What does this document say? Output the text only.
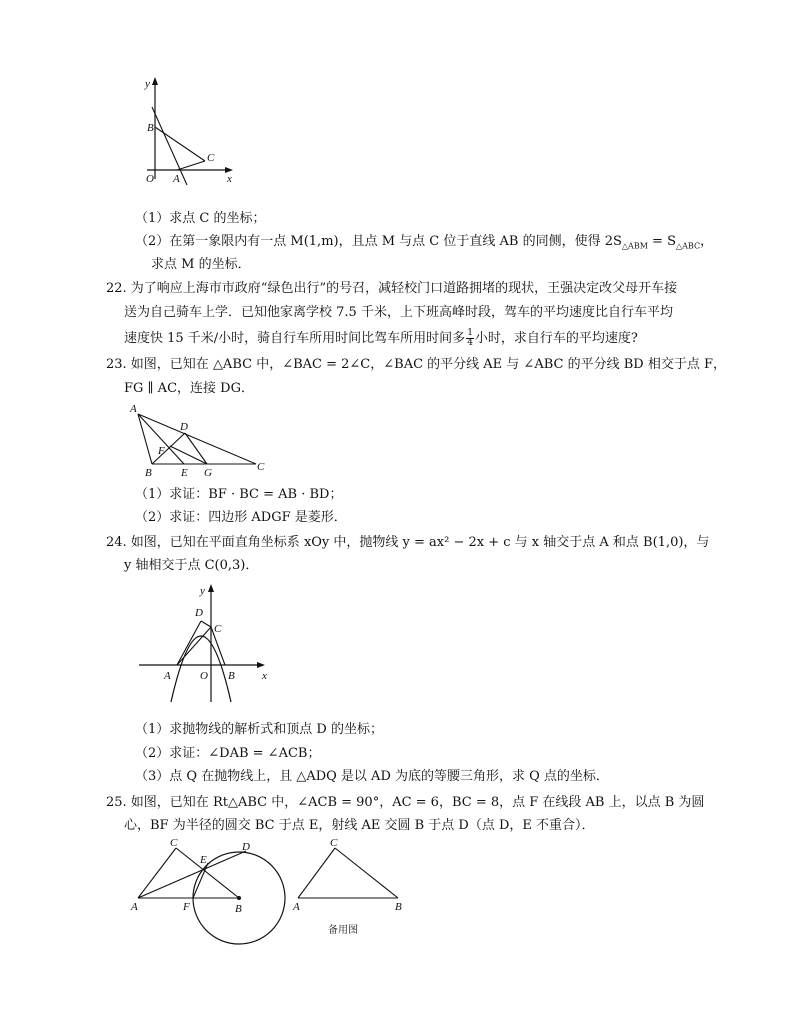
y
B
C
O A	x
（1）求点 C 的坐标；
（2）在第一象限内有一点 M(1,m)，且点 M 与点 C 位于直线 AB 的同侧，使得 $2S_{\triangle ABM} = S_{\triangle ABC}$，
求点 M 的坐标．
22. 为了响应上海市市政府“绿色出行”的号召，减轻校门口道路拥堵的现状，王强决定改父母开车接
送为自己骑车上学．已知他家离学校 7.5 千米，上下班高峰时段，驾车的平均速度比自行车平均
速度快 15 千米/小时，骑自行车所用时间比驾车所用时间多 $\frac{1}{4}$ 小时，求自行车的平均速度?
23. 如图，已知在 △ABC 中，∠BAC = 2∠C，∠BAC 的平分线 AE 与 ∠ABC 的平分线 BD 相交于点 F，
FG ∥ AC，连接 DG．
A
D
F
B	E G	C
（1）求证：BF · BC = AB · BD；
（2）求证：四边形 ADGF 是菱形．
24. 如图，已知在平面直角坐标系 xOy 中，抛物线 y = ax² − 2x + c 与 x 轴交于点 A 和点 B(1,0)，与
y 轴相交于点 C(0,3)．
y
D
C
A	O B x
（1）求抛物线的解析式和顶点 D 的坐标；
（2）求证：∠DAB = ∠ACB；
（3）点 Q 在抛物线上，且 △ADQ 是以 AD 为底的等腰三角形，求 Q 点的坐标．
25. 如图，已知在 Rt△ABC 中，∠ACB = 90°，AC = 6，BC = 8，点 F 在线段 AB 上，以点 B 为圆
心，BF 为半径的圆交 BC 于点 E，射线 AE 交圆 B 于点 D（点 D，E 不重合）．
C
E
D
A	F	B
C
A	B
备用图
